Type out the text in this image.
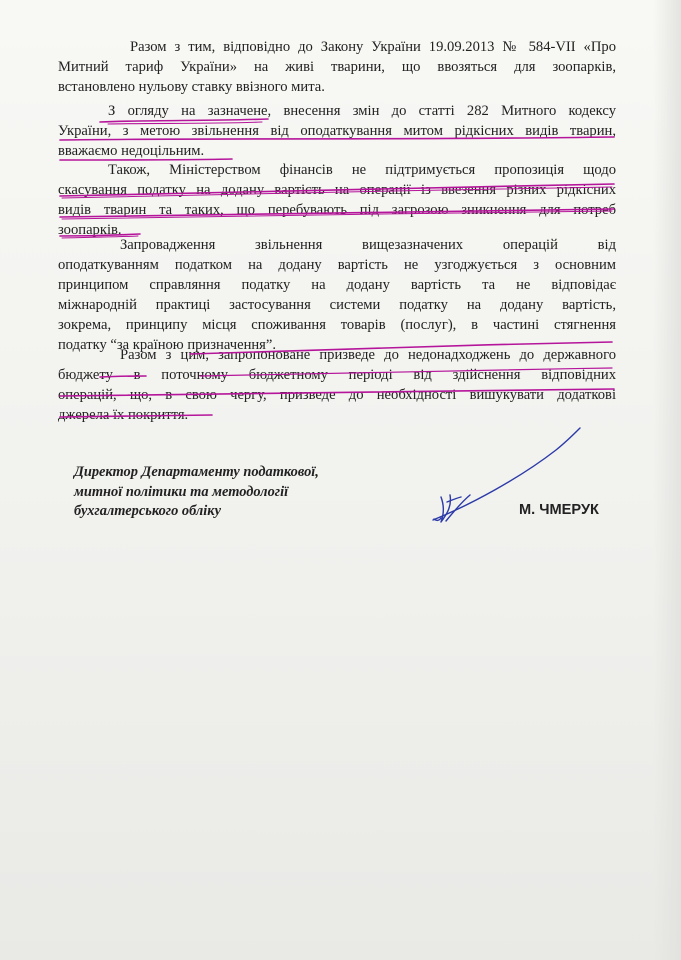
Разом з тим, відповідно до Закону України 19.09.2013 № 584-VII «Про
Митний тариф України» на живі тварини, що ввозяться для зоопарків,
встановлено нульову ставку ввізного мита.
З огляду на зазначене, внесення змін до статті 282 Митного кодексу
України, з метою звільнення від оподаткування митом рідкісних видів тварин,
вважаємо недоцільним.
Також, Міністерством фінансів не підтримується пропозиція щодо
скасування податку на додану вартість на операції із ввезення різних рідкісних
видів тварин та таких, що перебувають під загрозою зникнення для потреб
зоопарків.
Запровадження звільнення вищезазначених операцій від
оподаткуванням податком на додану вартість не узгоджується з основним
принципом справляння податку на додану вартість та не відповідає
міжнародній практиці застосування системи податку на додану вартість,
зокрема, принципу місця споживання товарів (послуг), в частині стягнення
податку “за країною призначення”.
Разом з цим, запропоноване призведе до недонадходжень до державного
бюджету в поточному бюджетному періоді від здійснення відповідних
операцій, що, в свою чергу, призведе до необхідності вишукувати додаткові
джерела їх покриття.
Директор Департаменту податкової,
митної політики та методології
бухгалтерського обліку	М. ЧМЕРУК
